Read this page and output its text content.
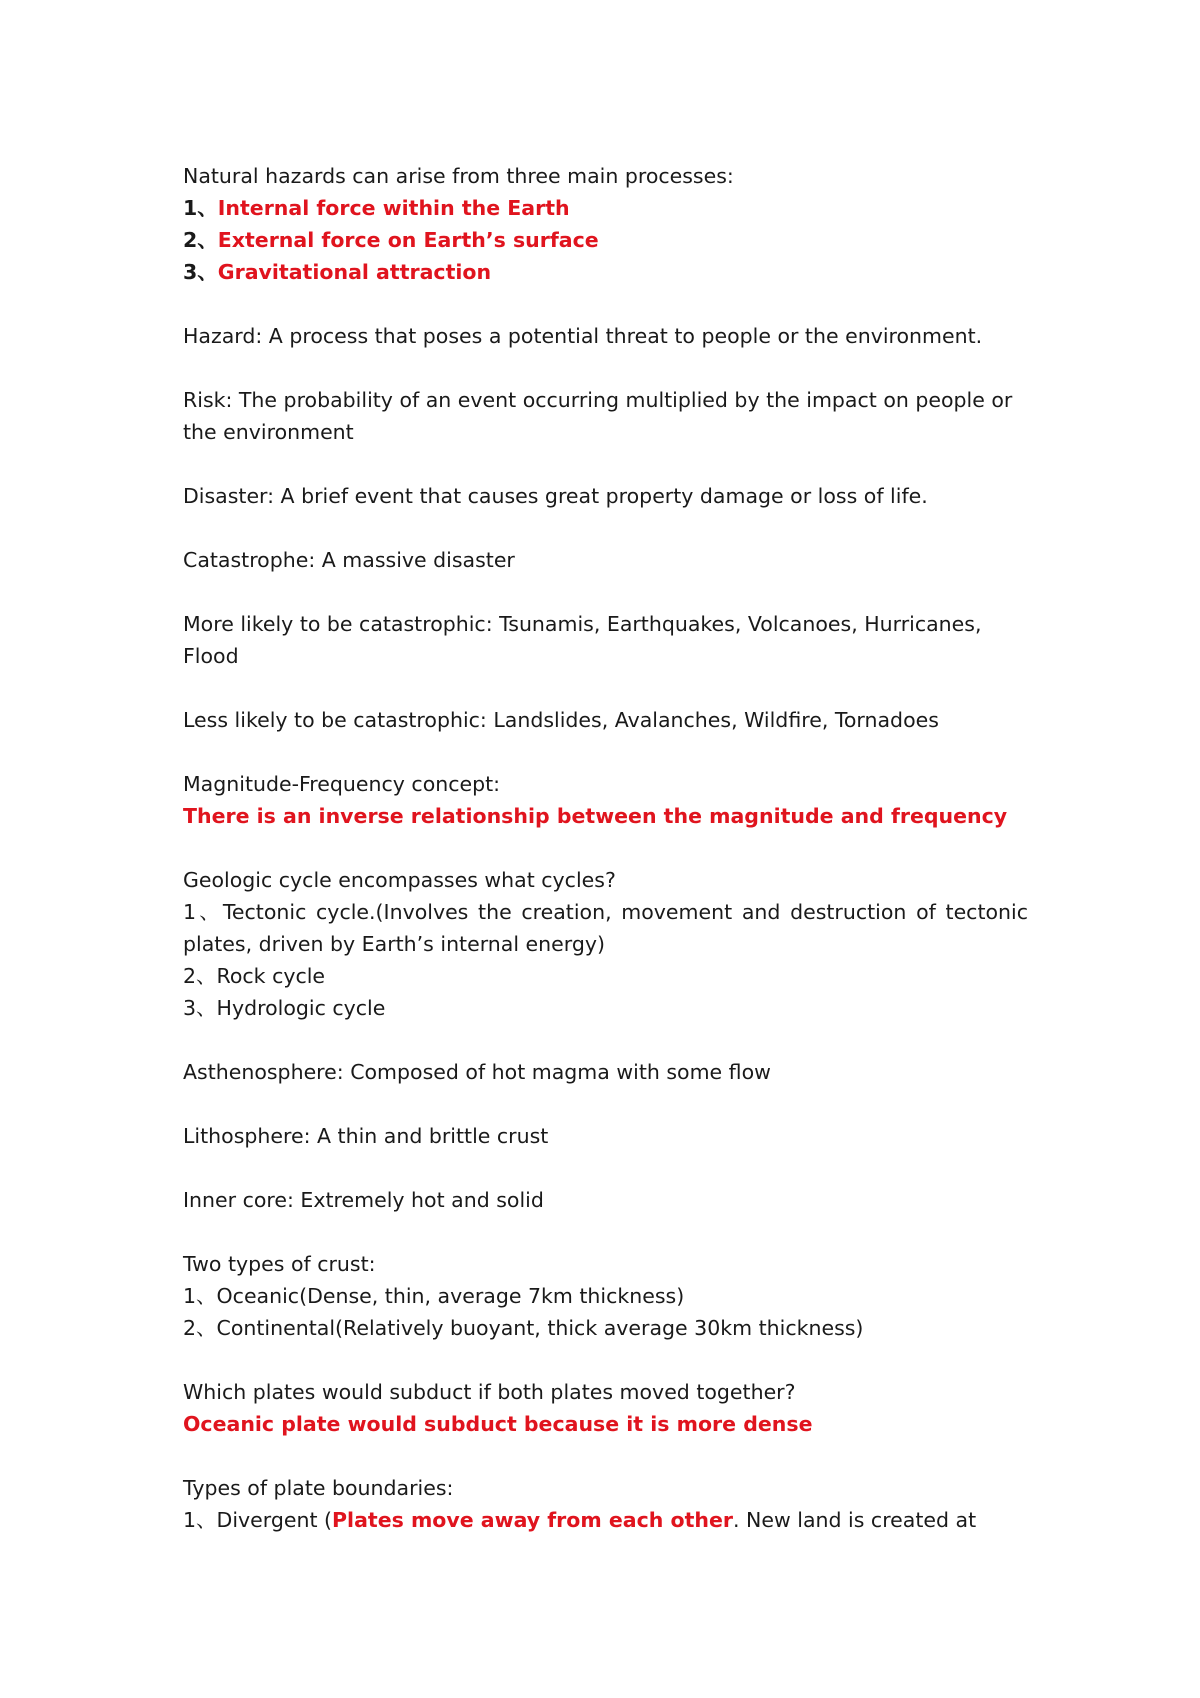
Natural hazards can arise from three main processes:
1、Internal force within the Earth
2、External force on Earth’s surface
3、Gravitational attraction
Hazard: A process that poses a potential threat to people or the environment.
Risk: The probability of an event occurring multiplied by the impact on people or the environment
Disaster: A brief event that causes great property damage or loss of life.
Catastrophe: A massive disaster
More likely to be catastrophic: Tsunamis, Earthquakes, Volcanoes, Hurricanes, Flood
Less likely to be catastrophic: Landslides, Avalanches, Wildfire, Tornadoes
Magnitude-Frequency concept:
There is an inverse relationship between the magnitude and frequency
Geologic cycle encompasses what cycles?
1、Tectonic cycle.(Involves the creation, movement and destruction of tectonic plates, driven by Earth’s internal energy)
2、Rock cycle
3、Hydrologic cycle
Asthenosphere: Composed of hot magma with some flow
Lithosphere: A thin and brittle crust
Inner core: Extremely hot and solid
Two types of crust:
1、Oceanic(Dense, thin, average 7km thickness)
2、Continental(Relatively buoyant, thick average 30km thickness)
Which plates would subduct if both plates moved together?
Oceanic plate would subduct because it is more dense
Types of plate boundaries:
1、Divergent (Plates move away from each other. New land is created at
